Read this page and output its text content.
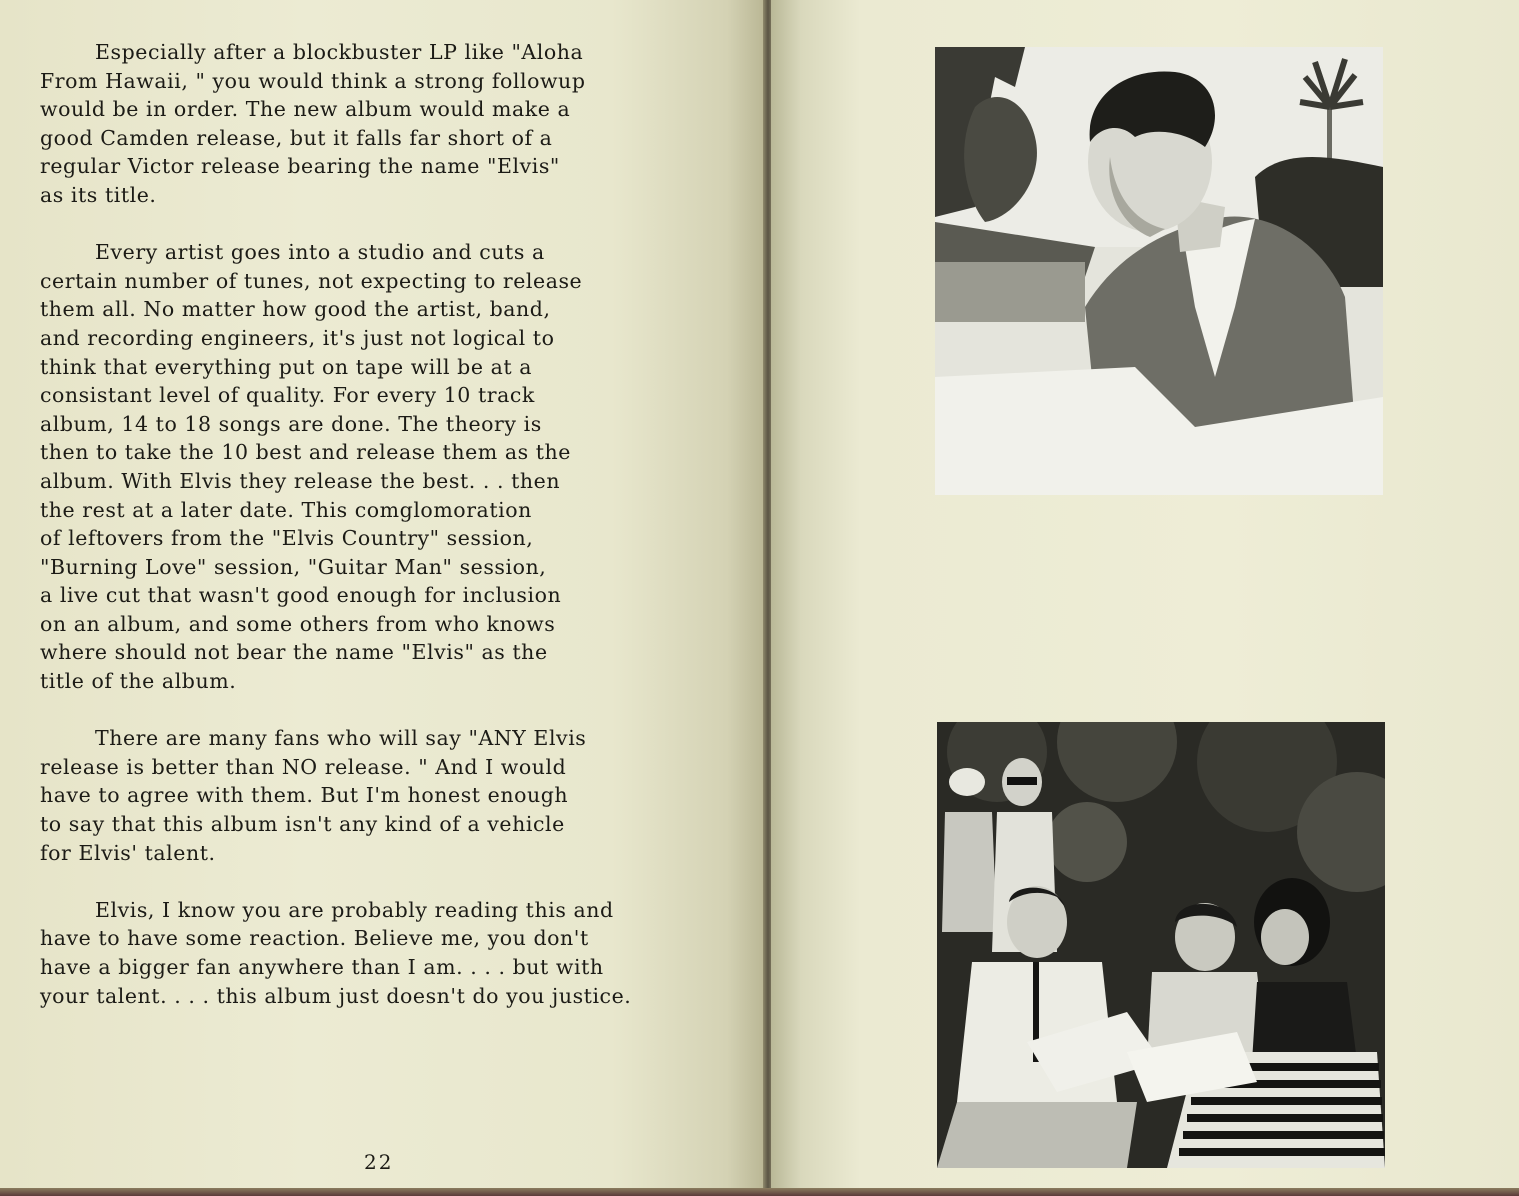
Especially after a blockbuster LP like "Aloha
From Hawaii, " you would think a strong followup
would be in order. The new album would make a
good Camden release, but it falls far short of a
regular Victor release bearing the name "Elvis"
as its title.

Every artist goes into a studio and cuts a
certain number of tunes, not expecting to release
them all. No matter how good the artist, band,
and recording engineers, it's just not logical to
think that everything put on tape will be at a
consistant level of quality. For every 10 track
album, 14 to 18 songs are done. The theory is
then to take the 10 best and release them as the
album. With Elvis they release the best. . . then
the rest at a later date. This comglomoration
of leftovers from the "Elvis Country" session,
"Burning Love" session, "Guitar Man" session,
a live cut that wasn't good enough for inclusion
on an album, and some others from who knows
where should not bear the name "Elvis" as the
title of the album.

There are many fans who will say "ANY Elvis
release is better than NO release. " And I would
have to agree with them. But I'm honest enough
to say that this album isn't any kind of a vehicle
for Elvis' talent.

Elvis, I know you are probably reading this and
have to have some reaction. Believe me, you don't
have a bigger fan anywhere than I am. . . . but with
your talent. . . . this album just doesn't do you justice.

22
